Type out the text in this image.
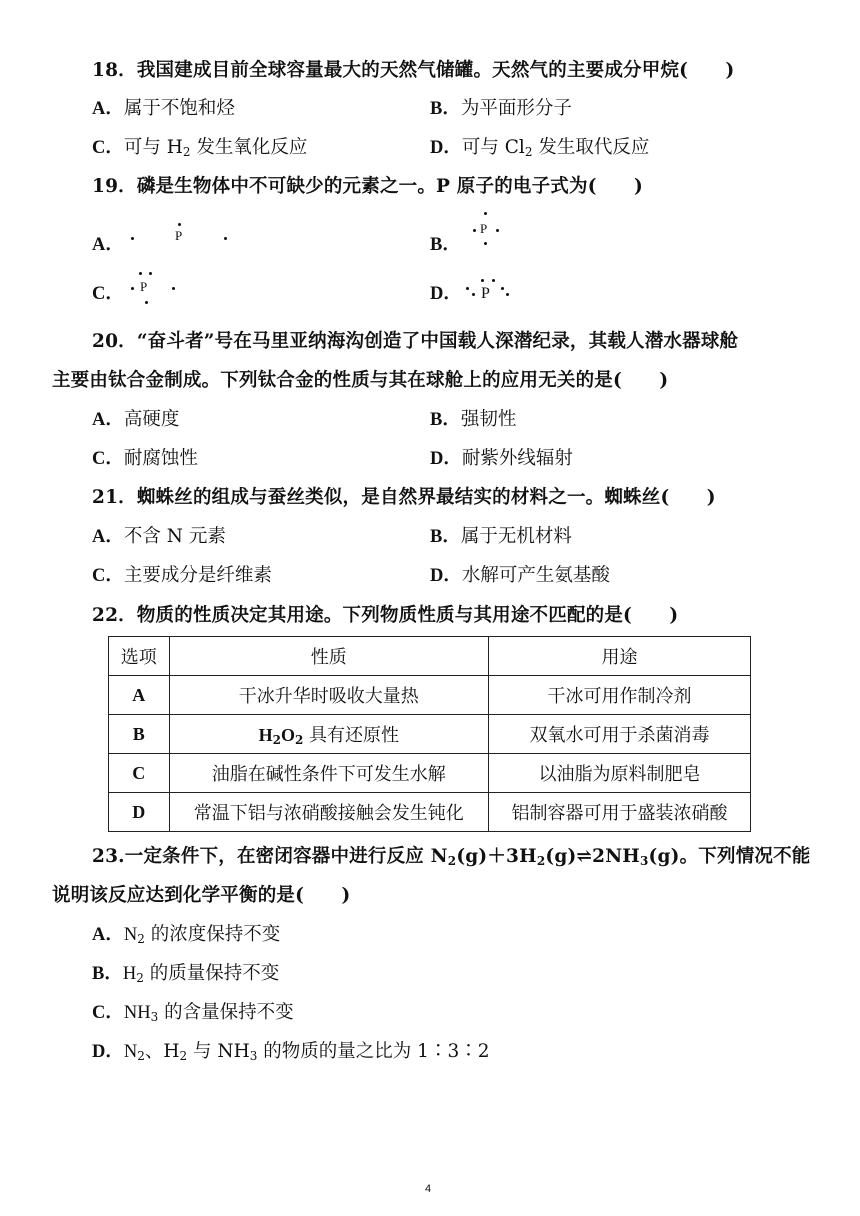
18．我国建成目前全球容量最大的天然气储罐。天然气的主要成分甲烷(　　)
A．属于不饱和烃	B．为平面形分子
C．可与 $H_2$ 发生氧化反应	D．可与 $Cl_2$ 发生取代反应
19．磷是生物体中不可缺少的元素之一。P 原子的电子式为(　　)
A．	P	B．
P
C． P	D． P
20．“奋斗者”号在马里亚纳海沟创造了中国载人深潜纪录，其载人潜水器球舱
主要由钛合金制成。下列钛合金的性质与其在球舱上的应用无关的是(　　)
A．高硬度	B．强韧性
C．耐腐蚀性	D．耐紫外线辐射
21．蜘蛛丝的组成与蚕丝类似，是自然界最结实的材料之一。蜘蛛丝(　　)
A．不含 N 元素	B．属于无机材料
C．主要成分是纤维素	D．水解可产生氨基酸
22．物质的性质决定其用途。下列物质性质与其用途不匹配的是(　　)
选项	性质	用途
A	干冰升华时吸收大量热	干冰可用作制冷剂
B	$H_2O_2$ 具有还原性	双氧水可用于杀菌消毒
C	油脂在碱性条件下可发生水解	以油脂为原料制肥皂
D	常温下铝与浓硝酸接触会发生钝化	铝制容器可用于盛装浓硝酸
23.一定条件下，在密闭容器中进行反应 $N_2(g)+3H_2(g)\rightleftharpoons 2NH_3(g)$。下列情况不能
说明该反应达到化学平衡的是(　　)
A．$N_2$ 的浓度保持不变
B．$H_2$ 的质量保持不变
C．$NH_3$ 的含量保持不变
D．$N_2$、$H_2$ 与 $NH_3$ 的物质的量之比为 1∶3∶2
4
